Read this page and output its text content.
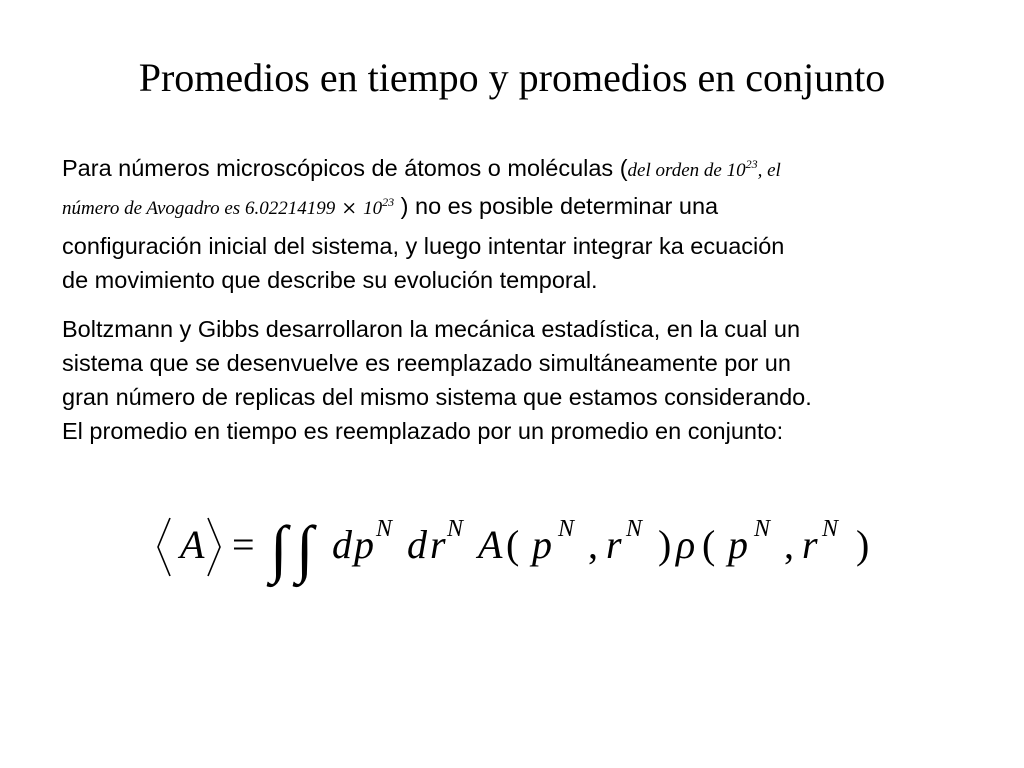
Promedios en tiempo y promedios en conjunto
Para números microscópicos de átomos o moléculas (del orden de $10^{23}$, el
número de Avogadro es $6.02214199 \times 10^{23}$ ) no es posible determinar una
configuración inicial del sistema, y luego intentar integrar ka ecuación
de movimiento que describe su evolución temporal.
Boltzmann y Gibbs desarrollaron la mecánica estadística, en la cual un
sistema que se desenvuelve es reemplazado simultáneamente por un
gran número de replicas del mismo sistema que estamos considerando.
El promedio en tiempo es reemplazado por un promedio en conjunto:
A = ∫ ∫ d p N d r N A ( p N , r N ) ρ ( p N , r N )
